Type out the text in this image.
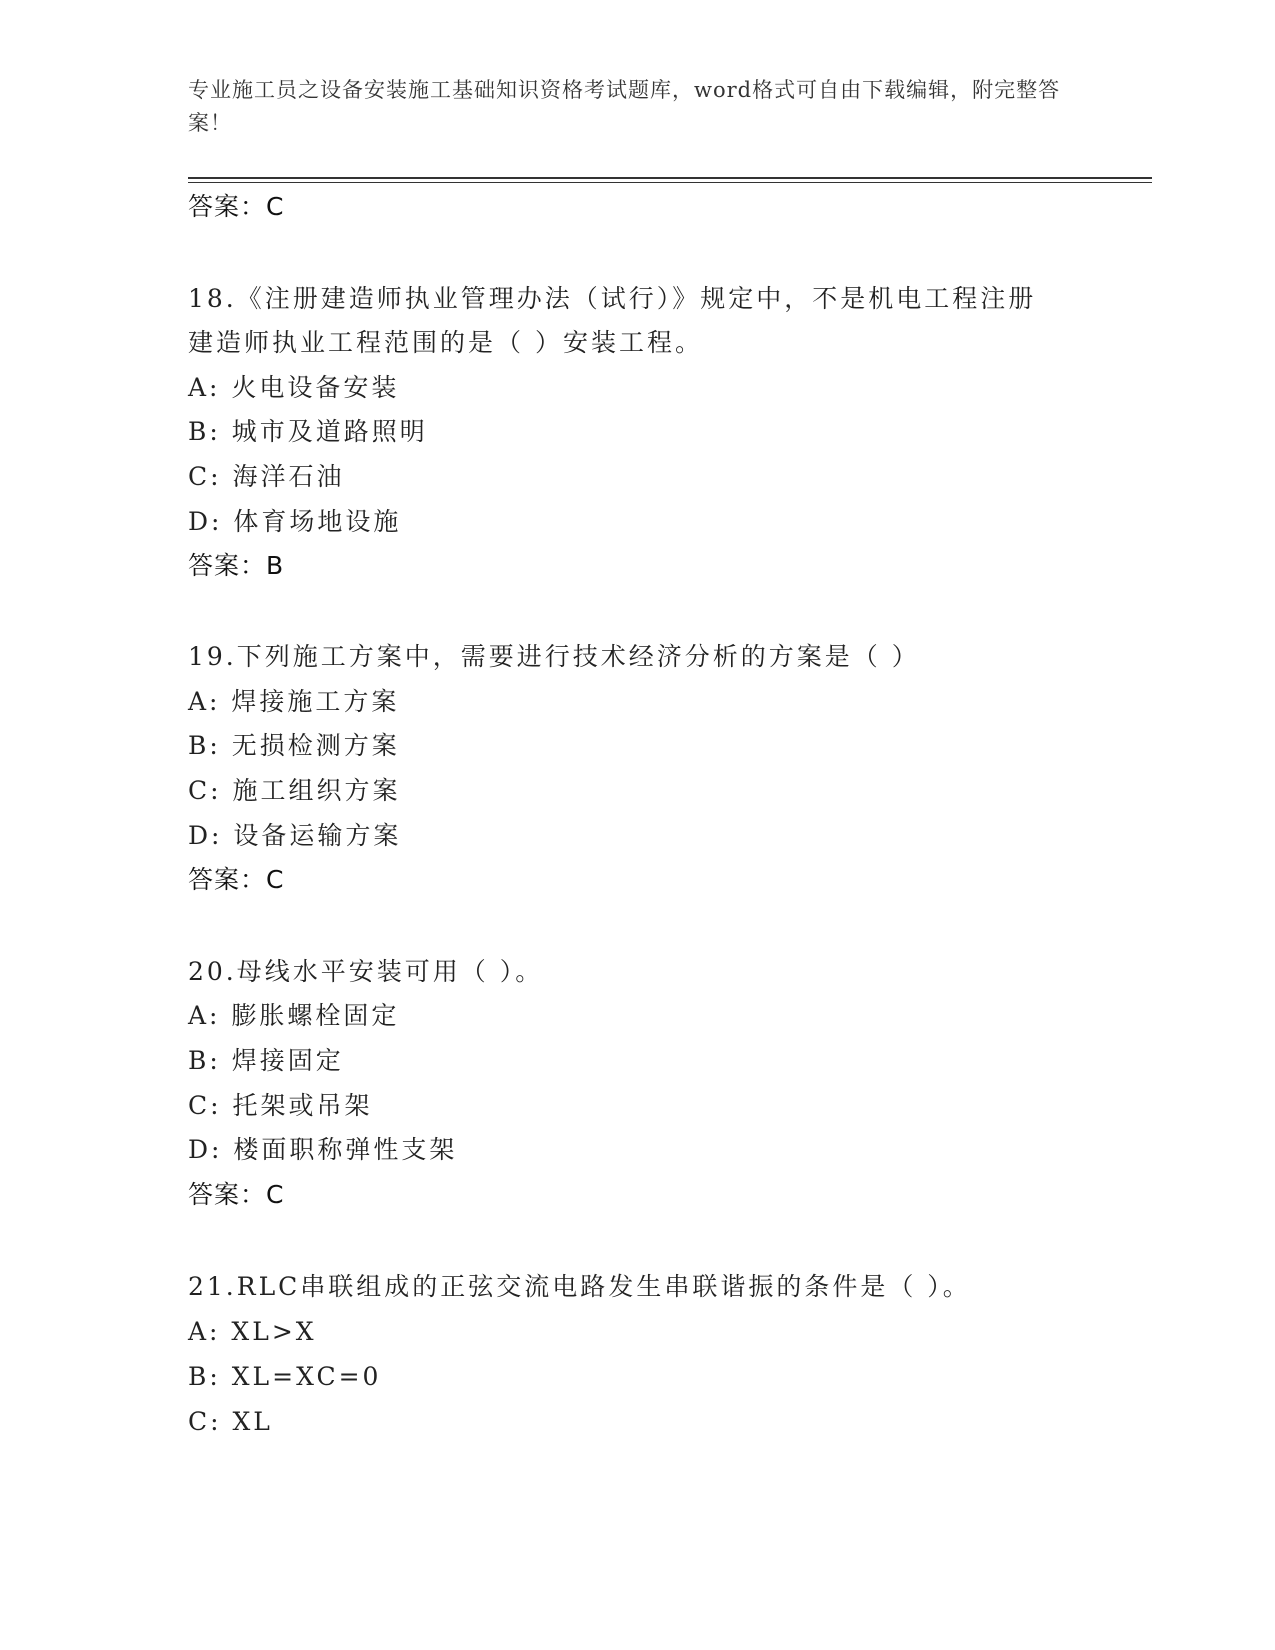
专业施工员之设备安装施工基础知识资格考试题库，word格式可自由下载编辑，附完整答案！
答案：C
18.《注册建造师执业管理办法（试行）》规定中，不是机电工程注册
建造师执业工程范围的是（ ）安装工程。
A: 火电设备安装
B: 城市及道路照明
C: 海洋石油
D: 体育场地设施
答案：B
19.下列施工方案中，需要进行技术经济分析的方案是（ ）
A: 焊接施工方案
B: 无损检测方案
C: 施工组织方案
D: 设备运输方案
答案：C
20.母线水平安装可用（ ）。
A: 膨胀螺栓固定
B: 焊接固定
C: 托架或吊架
D: 楼面职称弹性支架
答案：C
21.RLC串联组成的正弦交流电路发生串联谐振的条件是（ ）。
A: XL>X
B: XL=XC=0
C: XL
